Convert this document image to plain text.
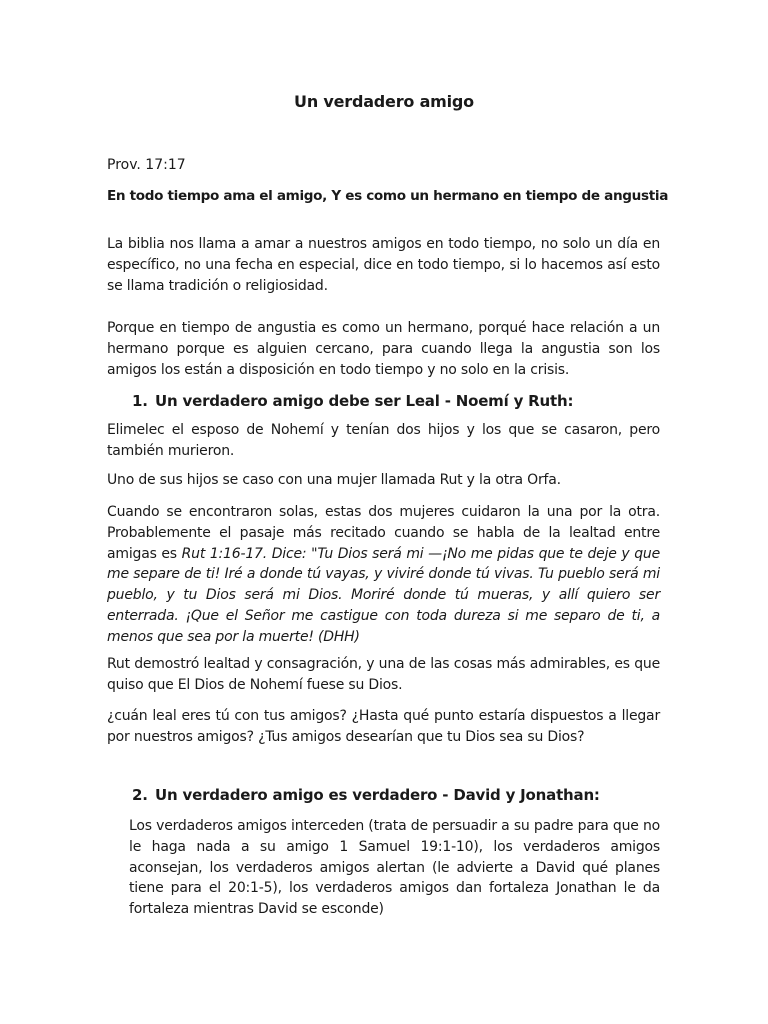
Un verdadero amigo
Prov. 17:17
En todo tiempo ama el amigo, Y es como un hermano en tiempo de angustia

La biblia nos llama a amar a nuestros amigos en todo tiempo, no solo un día en específico, no una fecha en especial, dice en todo tiempo, si lo hacemos así esto se llama tradición o religiosidad.

Porque en tiempo de angustia es como un hermano, porqué hace relación a un hermano porque es alguien cercano, para cuando llega la angustia son los amigos los están a disposición en todo tiempo y no solo en la crisis.

1. Un verdadero amigo debe ser Leal - Noemí y Ruth:

Elimelec el esposo de Nohemí y tenían dos hijos y los que se casaron, pero también murieron.

Uno de sus hijos se caso con una mujer llamada Rut y la otra Orfa.

Cuando se encontraron solas, estas dos mujeres cuidaron la una por la otra. Probablemente el pasaje más recitado cuando se habla de la lealtad entre amigas es Rut 1:16-17. Dice: "Tu Dios será mi —¡No me pidas que te deje y que me separe de ti! Iré a donde tú vayas, y viviré donde tú vivas. Tu pueblo será mi pueblo, y tu Dios será mi Dios. Moriré donde tú mueras, y allí quiero ser enterrada. ¡Que el Señor me castigue con toda dureza si me separo de ti, a menos que sea por la muerte! (DHH)

Rut demostró lealtad y consagración, y una de las cosas más admirables, es que quiso que El Dios de Nohemí fuese su Dios.

¿cuán leal eres tú con tus amigos? ¿Hasta qué punto estaría dispuestos a llegar por nuestros amigos? ¿Tus amigos desearían que tu Dios sea su Dios?

2. Un verdadero amigo es verdadero - David y Jonathan:

Los verdaderos amigos interceden (trata de persuadir a su padre para que no le haga nada a su amigo 1 Samuel 19:1-10), los verdaderos amigos aconsejan, los verdaderos amigos alertan (le advierte a David qué planes tiene para el 20:1-5), los verdaderos amigos dan fortaleza Jonathan le da fortaleza mientras David se esconde)
